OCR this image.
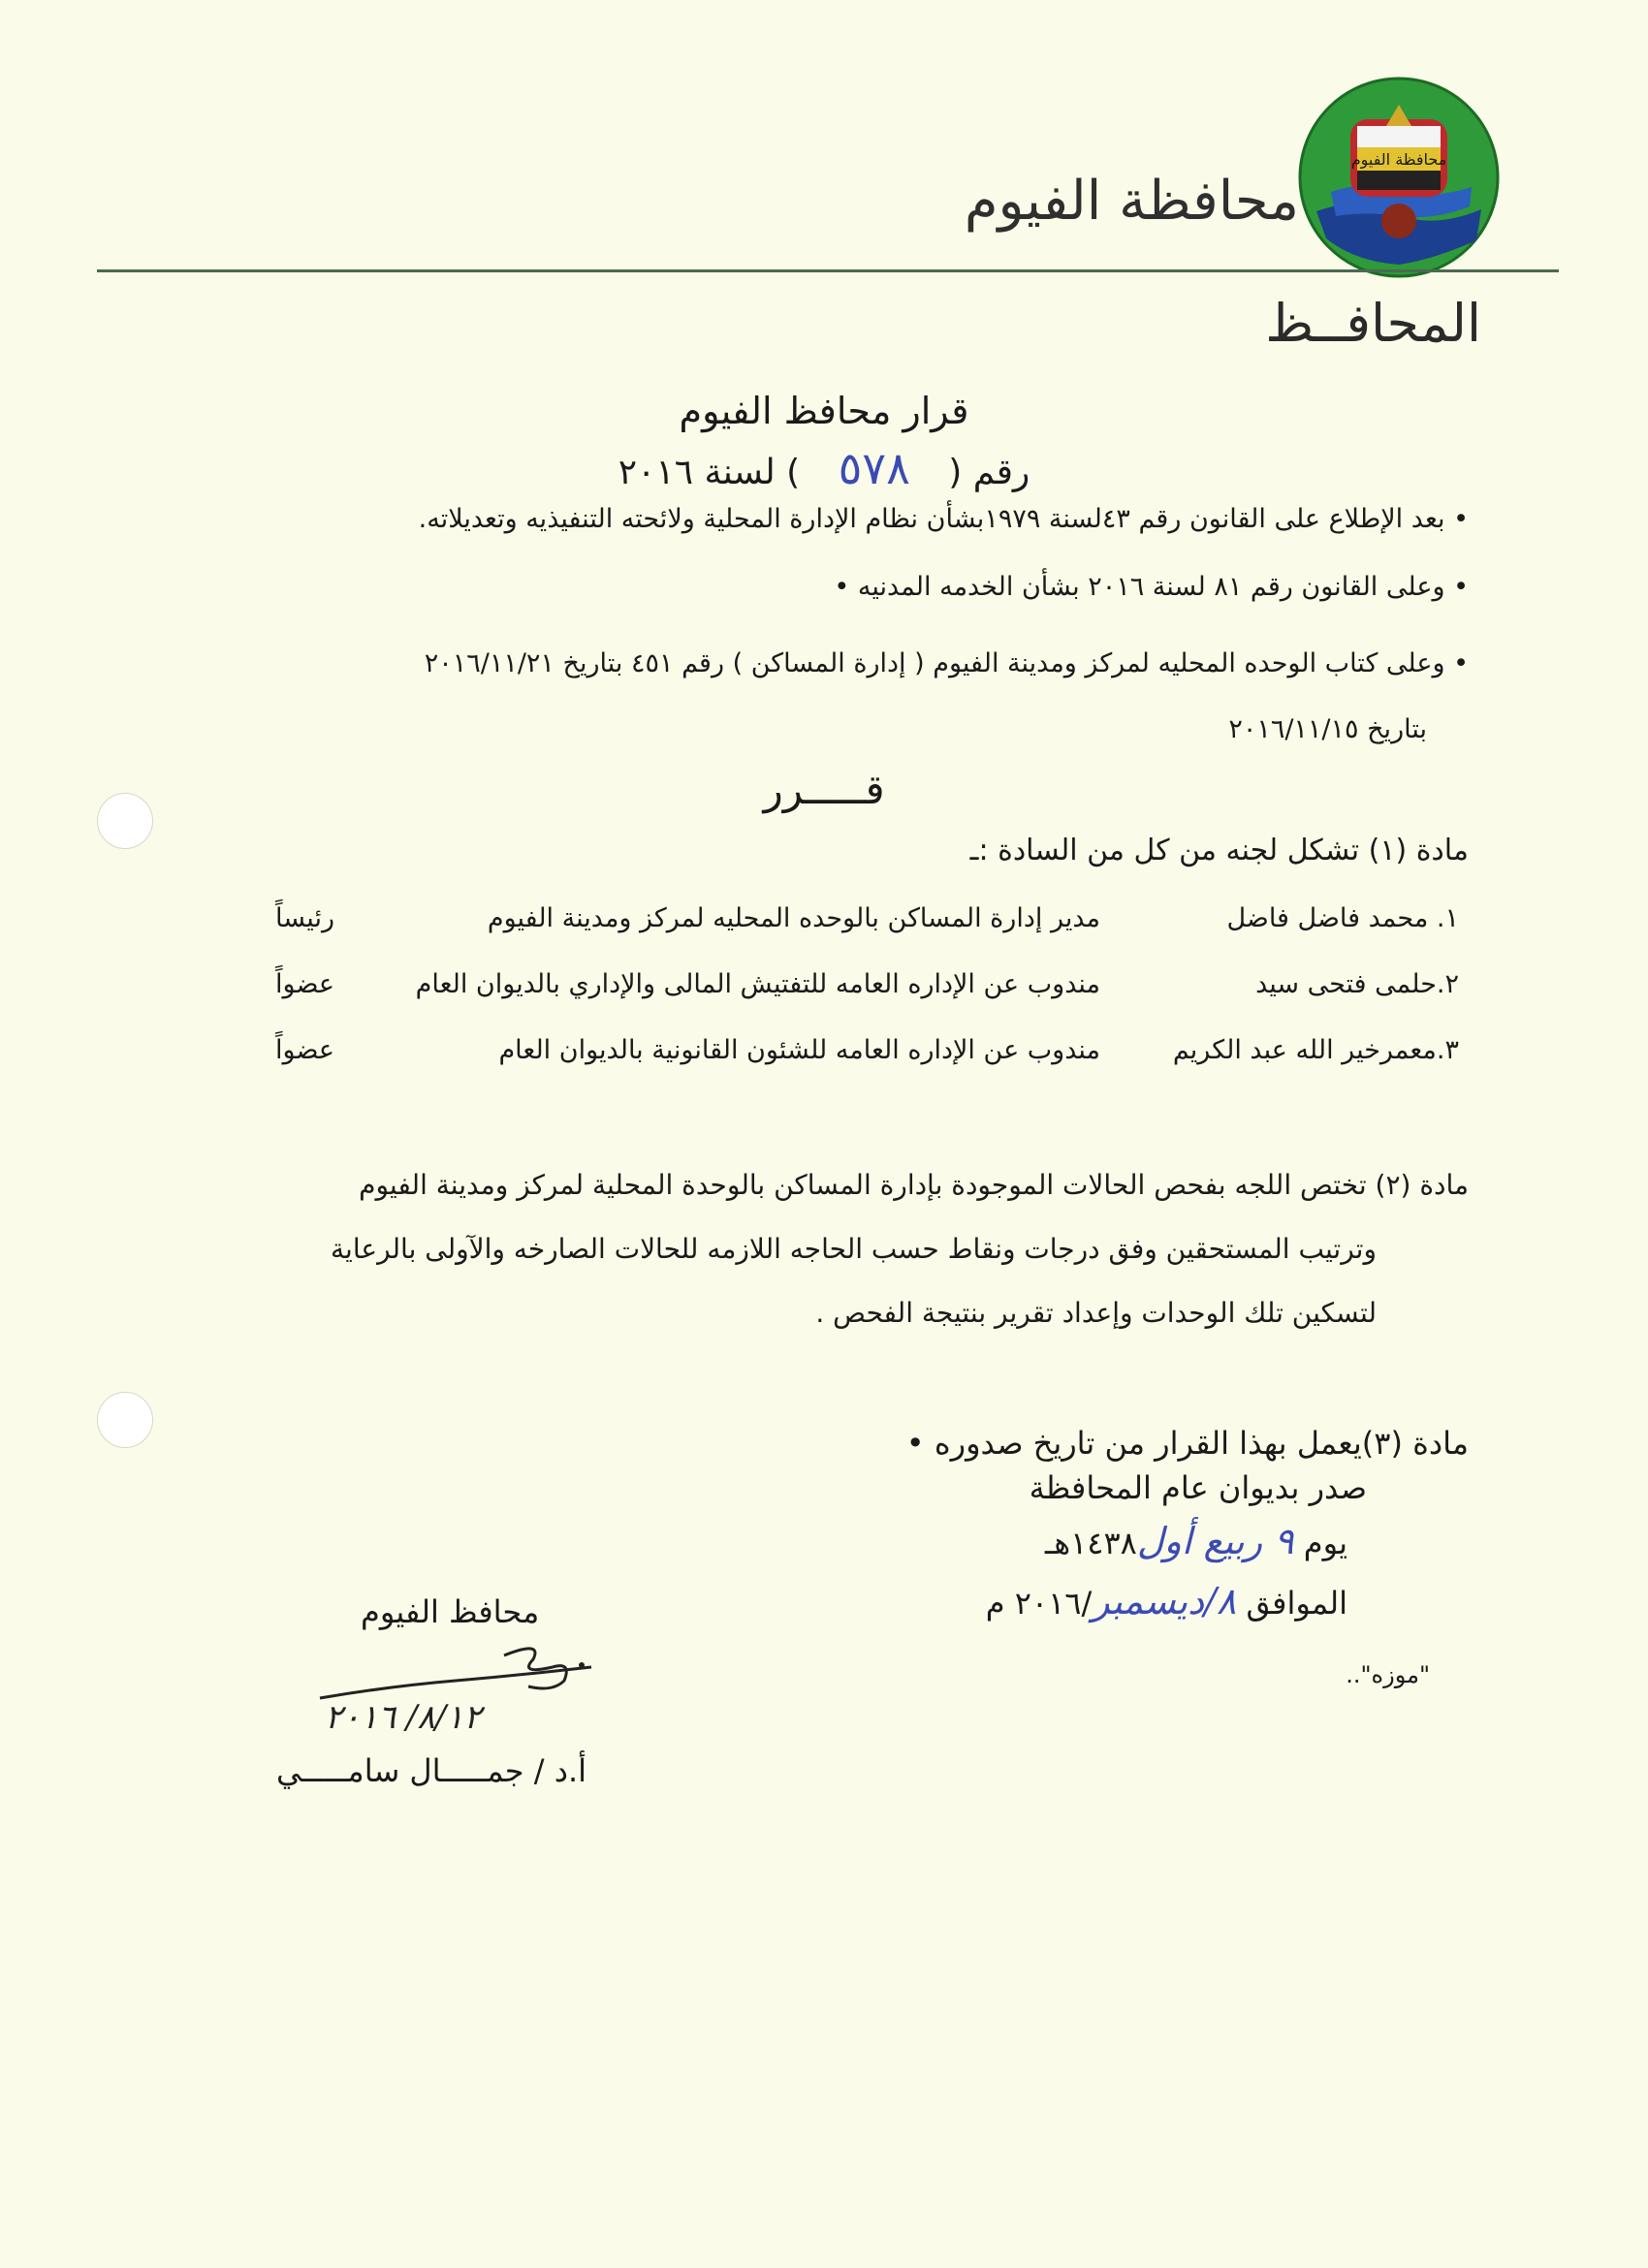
محافظة الفيوم
محافظة الفيوم
المحافــظ
قرار محافظ الفيوم
رقم ( ٥٧٨ ) لسنة ٢٠١٦
• بعد الإطلاع على القانون رقم ٤٣لسنة ١٩٧٩بشأن نظام الإدارة المحلية ولائحته التنفيذيه وتعديلاته.
• وعلى القانون رقم ٨١ لسنة ٢٠١٦ بشأن الخدمه المدنيه •
• وعلى كتاب الوحده المحليه لمركز ومدينة الفيوم ( إدارة المساكن ) رقم ٤٥١ بتاريخ ٢٠١٦/١١/٢١
بتاريخ ٢٠١٦/١١/١٥
قـــــرر
مادة (١) تشكل لجنه من كل من السادة :ـ
١. محمد فاضل فاضل
مدير إدارة المساكن بالوحده المحليه لمركز ومدينة الفيوم
رئيساً
٢.حلمى فتحى سيد
مندوب عن الإداره العامه للتفتيش المالى والإداري بالديوان العام
عضواً
٣.معمرخير الله عبد الكريم
مندوب عن الإداره العامه للشئون القانونية بالديوان العام
عضواً
مادة (٢) تختص اللجه بفحص الحالات الموجودة بإدارة المساكن بالوحدة المحلية لمركز ومدينة الفيوم
وترتيب المستحقين وفق درجات ونقاط حسب الحاجه اللازمه للحالات الصارخه والآولى بالرعاية
لتسكين تلك الوحدات وإعداد تقرير بنتيجة الفحص .
مادة (٣)يعمل بهذا القرار من تاريخ صدوره •
صدر بديوان عام المحافظة
يوم ٩ ربيع أول١٤٣٨هـ
الموافق ٨/ديسمبر/٢٠١٦ م
"موزه"..
محافظ الفيوم
٨/١٢/ ٢٠١٦
أ.د / جمـــــال سامـــــي
